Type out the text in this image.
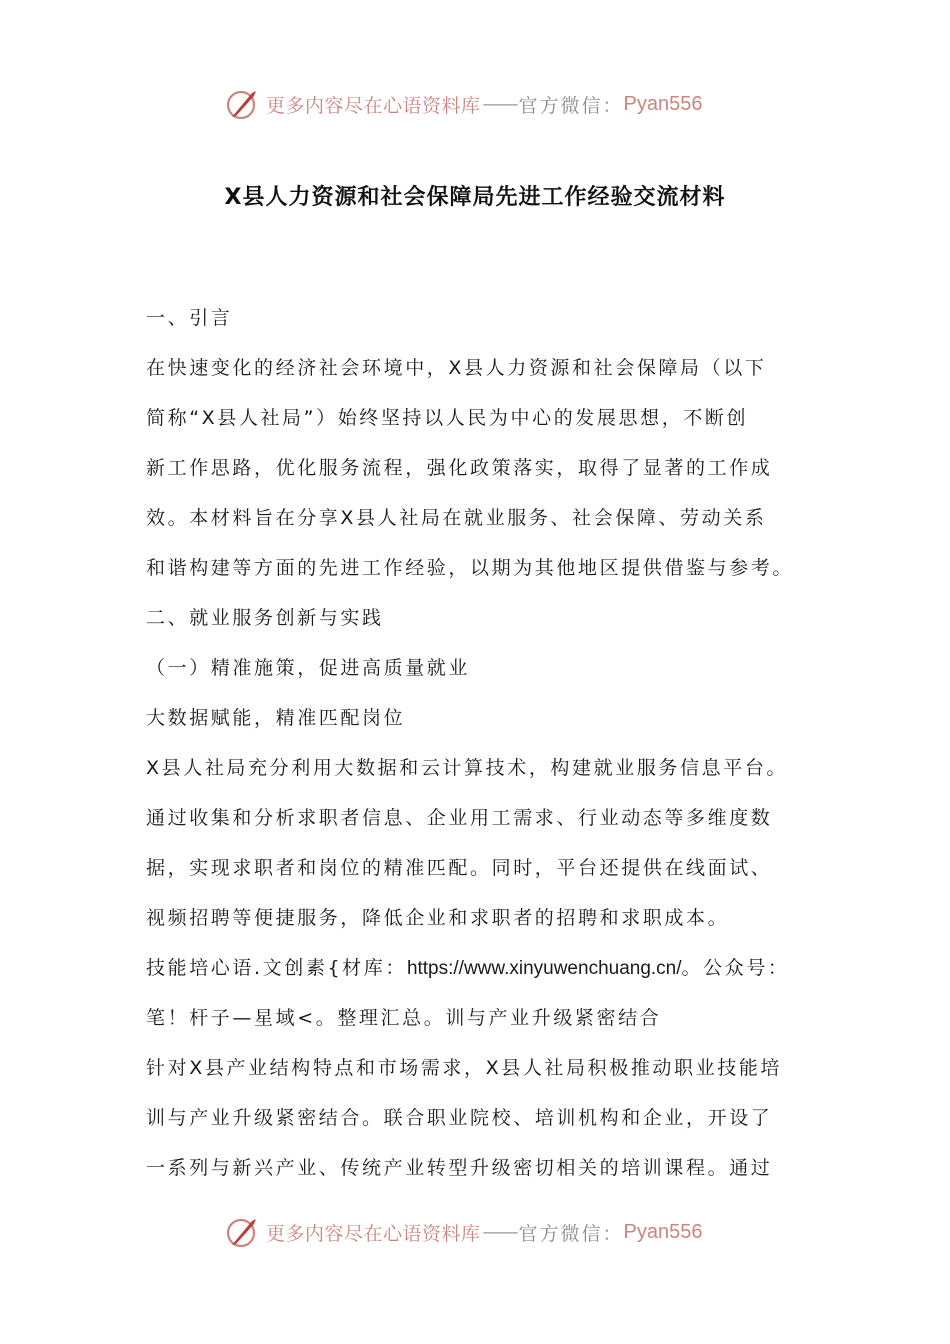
更多内容尽在心语资料库 —— 官方微信： Pyan556
X县人力资源和社会保障局先进工作经验交流材料
一、引言
在快速变化的经济社会环境中，X县人力资源和社会保障局（以下
简称“X县人社局”）始终坚持以人民为中心的发展思想，不断创
新工作思路，优化服务流程，强化政策落实，取得了显著的工作成
效。本材料旨在分享X县人社局在就业服务、社会保障、劳动关系
和谐构建等方面的先进工作经验，以期为其他地区提供借鉴与参考。
二、就业服务创新与实践
（一）精准施策，促进高质量就业
大数据赋能，精准匹配岗位
X县人社局充分利用大数据和云计算技术，构建就业服务信息平台。
通过收集和分析求职者信息、企业用工需求、行业动态等多维度数
据，实现求职者和岗位的精准匹配。同时，平台还提供在线面试、
视频招聘等便捷服务，降低企业和求职者的招聘和求职成本。
技能培心语.文创素{材库：https://www.xinyuwenchuang.cn/。公众号：
笔！杆子—星域<。整理汇总。训与产业升级紧密结合
针对X县产业结构特点和市场需求，X县人社局积极推动职业技能培
训与产业升级紧密结合。联合职业院校、培训机构和企业，开设了
一系列与新兴产业、传统产业转型升级密切相关的培训课程。通过
更多内容尽在心语资料库 —— 官方微信： Pyan556
